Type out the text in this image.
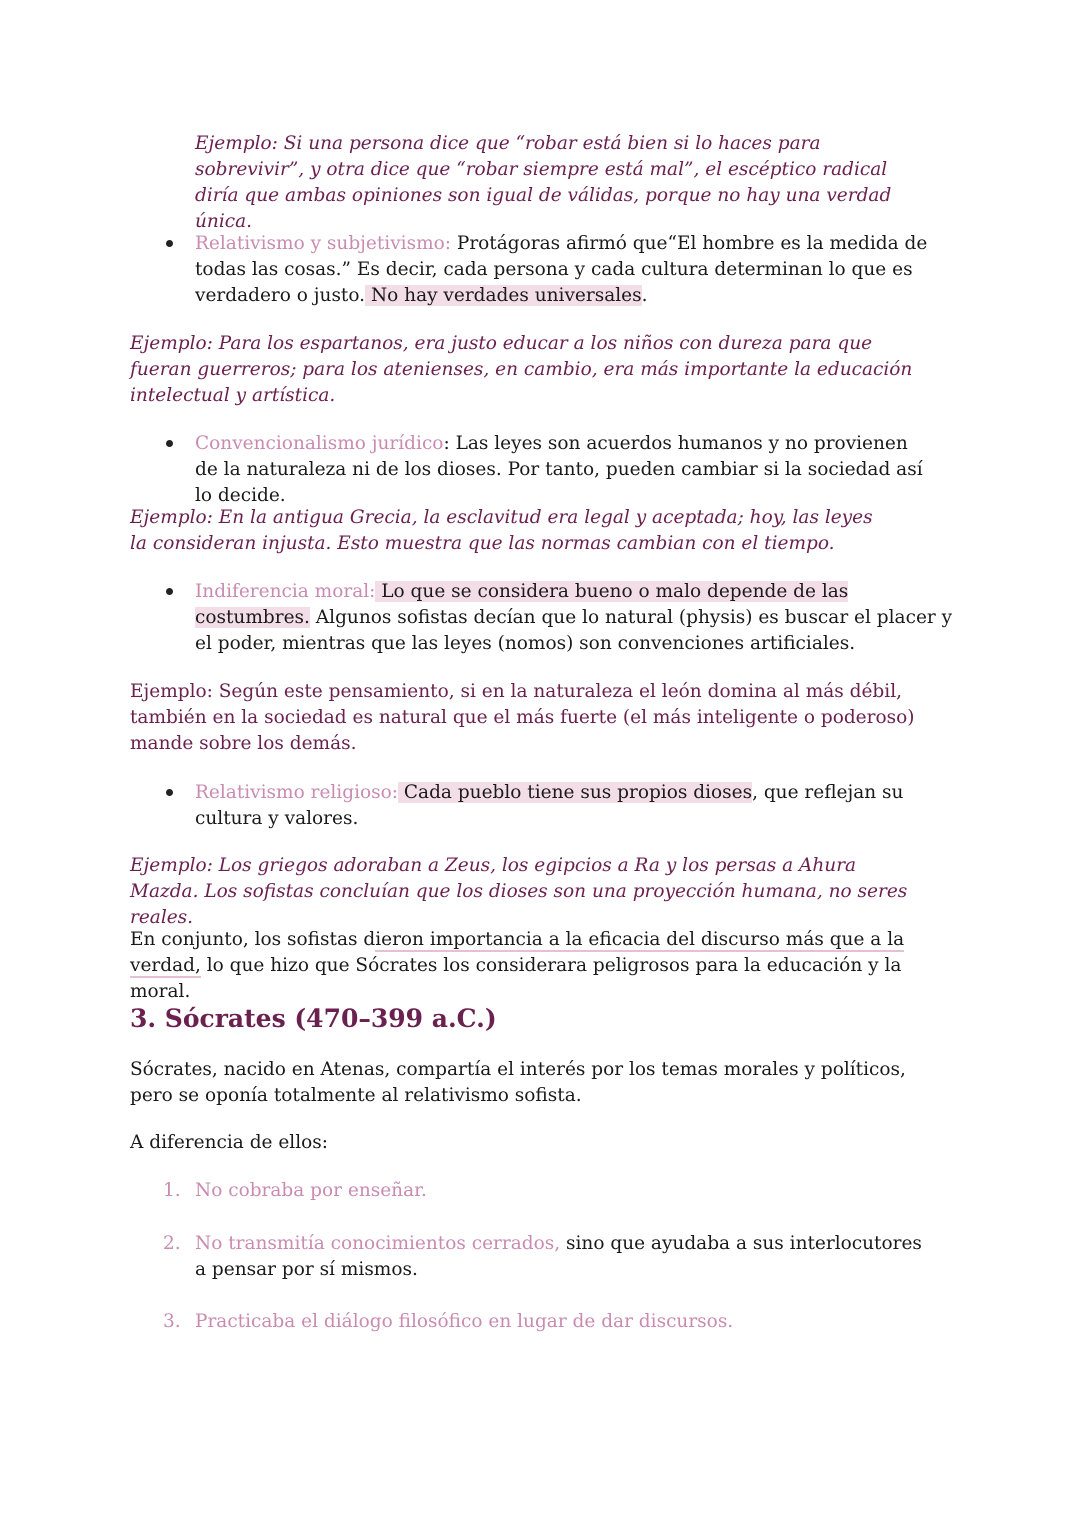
Ejemplo: Si una persona dice que “robar está bien si lo haces para sobrevivir”, y otra dice que “robar siempre está mal”, el escéptico radical diría que ambas opiniones son igual de válidas, porque no hay una verdad única.

Relativismo y subjetivismo: Protágoras afirmó que“El hombre es la medida de todas las cosas.” Es decir, cada persona y cada cultura determinan lo que es verdadero o justo. No hay verdades universales.

Ejemplo: Para los espartanos, era justo educar a los niños con dureza para que fueran guerreros; para los atenienses, en cambio, era más importante la educación intelectual y artística.

Convencionalismo jurídico: Las leyes son acuerdos humanos y no provienen de la naturaleza ni de los dioses. Por tanto, pueden cambiar si la sociedad así lo decide.

Ejemplo: En la antigua Grecia, la esclavitud era legal y aceptada; hoy, las leyes la consideran injusta. Esto muestra que las normas cambian con el tiempo.

Indiferencia moral: Lo que se considera bueno o malo depende de las costumbres. Algunos sofistas decían que lo natural (physis) es buscar el placer y el poder, mientras que las leyes (nomos) son convenciones artificiales.

Ejemplo: Según este pensamiento, si en la naturaleza el león domina al más débil, también en la sociedad es natural que el más fuerte (el más inteligente o poderoso) mande sobre los demás.

Relativismo religioso: Cada pueblo tiene sus propios dioses, que reflejan su cultura y valores.

Ejemplo: Los griegos adoraban a Zeus, los egipcios a Ra y los persas a Ahura Mazda. Los sofistas concluían que los dioses son una proyección humana, no seres reales.

En conjunto, los sofistas dieron importancia a la eficacia del discurso más que a la verdad, lo que hizo que Sócrates los considerara peligrosos para la educación y la moral.

3. Sócrates (470–399 a.C.)

Sócrates, nacido en Atenas, compartía el interés por los temas morales y políticos, pero se oponía totalmente al relativismo sofista.

A diferencia de ellos:

1. No cobraba por enseñar.

2. No transmitía conocimientos cerrados, sino que ayudaba a sus interlocutores a pensar por sí mismos.

3. Practicaba el diálogo filosófico en lugar de dar discursos.
